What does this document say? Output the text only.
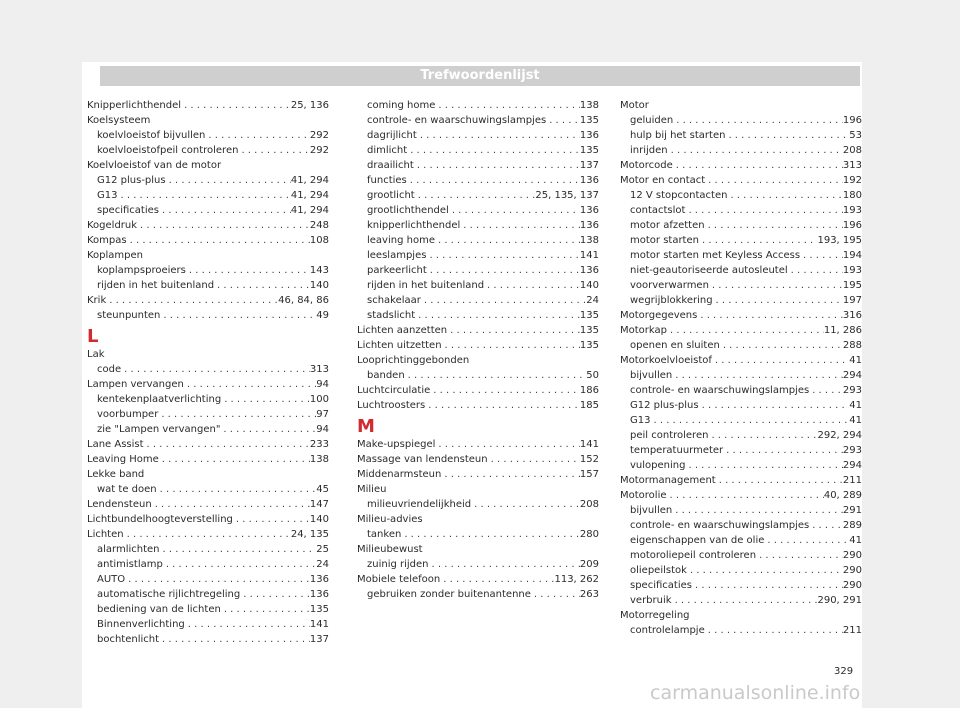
Trefwoordenlijst
Knipperlichthendel . . .	25, 136
Koelsysteem
koelvloeistof bijvullen . . .	292
koelvloeistofpeil controleren . . .	292
Koelvloeistof van de motor
G12 plus-plus . . .	41, 294
G13 . . .	41, 294
specificaties . . .	41, 294
Kogeldruk . . .	248
Kompas . . .	108
Koplampen
koplampsproeiers . . .	143
rijden in het buitenland . . .	140
Krik . . .	46, 84, 86
steunpunten . . .	49
L
Lak
code . . .	313
Lampen vervangen . . .	94
kentekenplaatverlichting . . .	100
voorbumper . . .	97
zie "Lampen vervangen" . . .	94
Lane Assist . . .	233
Leaving Home . . .	138
Lekke band
wat te doen . . .	45
Lendensteun . . .	147
Lichtbundelhoogteverstelling . . .	140
Lichten . . .	24, 135
alarmlichten . . .	25
antimistlamp . . .	24
AUTO . . .	136
automatische rijlichtregeling . . .	136
bediening van de lichten . . .	135
Binnenverlichting . . .	141
bochtenlicht . . .	137
coming home . . .	138
controle- en waarschuwingslampjes . . .	135
dagrijlicht . . .	136
dimlicht . . .	135
draailicht . . .	137
functies . . .	136
grootlicht . . .	25, 135, 137
grootlichthendel . . .	136
knipperlichthendel . . .	136
leaving home . . .	138
leeslampjes . . .	141
parkeerlicht . . .	136
rijden in het buitenland . . .	140
schakelaar . . .	24
stadslicht . . .	135
Lichten aanzetten . . .	135
Lichten uitzetten . . .	135
Looprichtinggebonden
banden . . .	50
Luchtcirculatie . . .	186
Luchtroosters . . .	185
M
Make-upspiegel . . .	141
Massage van lendensteun . . .	152
Middenarmsteun . . .	157
Milieu
milieuvriendelijkheid . . .	208
Milieu-advies
tanken . . .	280
Milieubewust
zuinig rijden . . .	209
Mobiele telefoon . . .	113, 262
gebruiken zonder buitenantenne . . .	263
Motor
geluiden . . .	196
hulp bij het starten . . .	53
inrijden . . .	208
Motorcode . . .	313
Motor en contact . . .	192
12 V stopcontacten . . .	180
contactslot . . .	193
motor afzetten . . .	196
motor starten . . .	193, 195
motor starten met Keyless Access . . .	194
niet-geautoriseerde autosleutel . . .	193
voorverwarmen . . .	195
wegrijblokkering . . .	197
Motorgegevens . . .	316
Motorkap . . .	11, 286
openen en sluiten . . .	288
Motorkoelvloeistof . . .	41
bijvullen . . .	294
controle- en waarschuwingslampjes . . .	293
G12 plus-plus . . .	41
G13 . . .	41
peil controleren . . .	292, 294
temperatuurmeter . . .	293
vulopening . . .	294
Motormanagement . . .	211
Motorolie . . .	40, 289
bijvullen . . .	291
controle- en waarschuwingslampjes . . .	289
eigenschappen van de olie . . .	41
motoroliepeil controleren . . .	290
oliepeilstok . . .	290
specificaties . . .	290
verbruik . . .	290, 291
Motorregeling
controlelampje . . .	211
329
carmanualsonline.info
